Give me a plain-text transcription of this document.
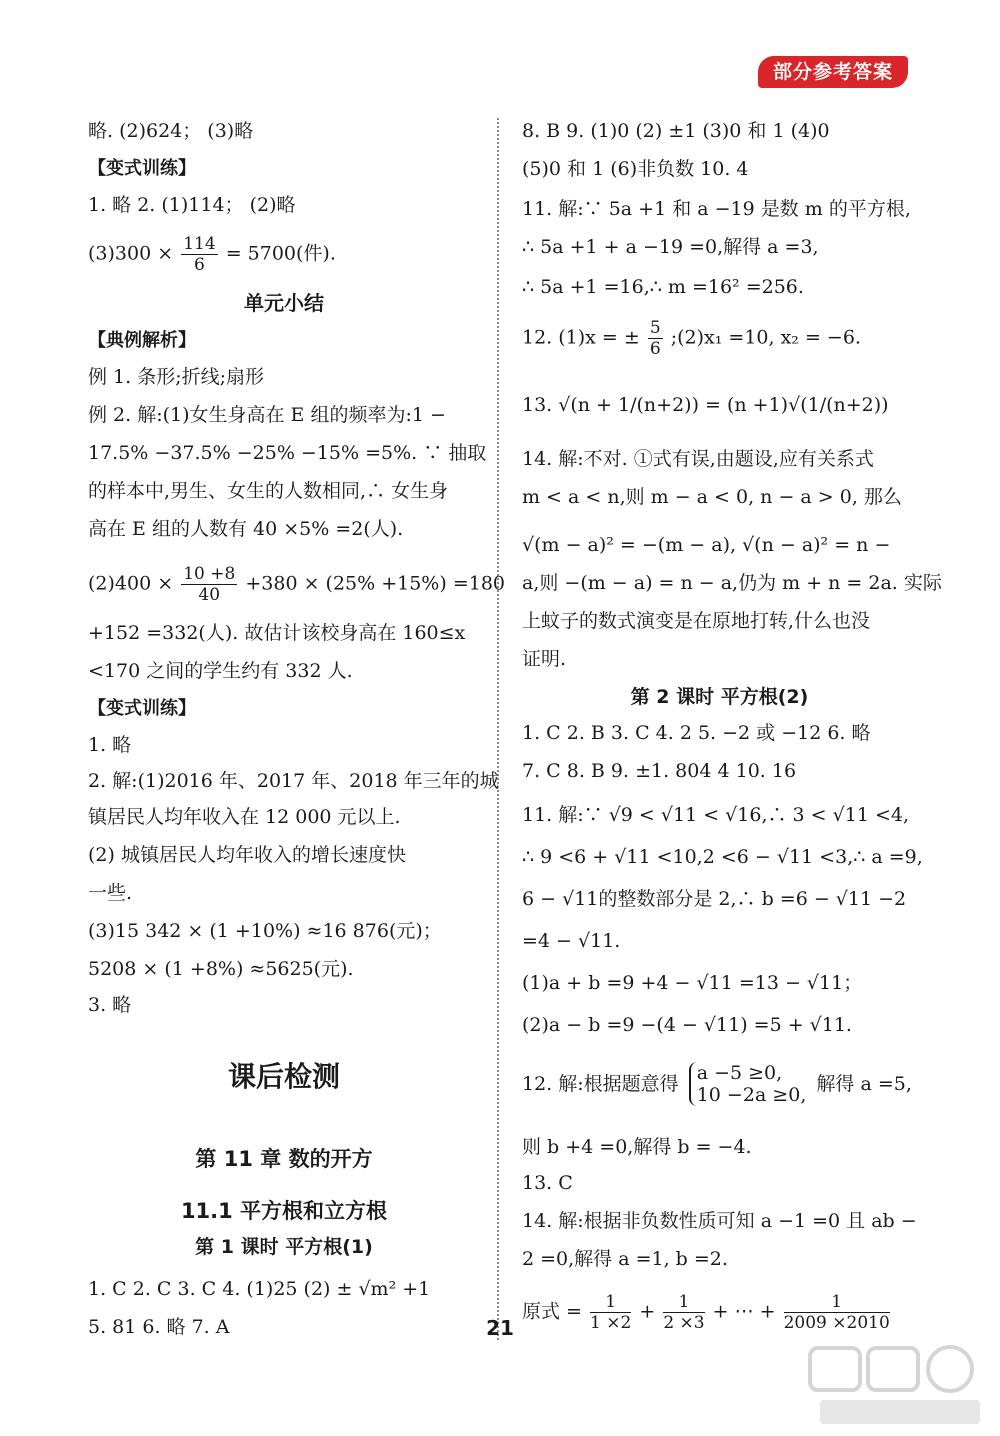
部分参考答案
略. (2)624； (3)略
【变式训练】
1. 略 2. (1)114； (2)略
$(3)300 \times \frac{114}{6} = 5700$(件).
单元小结
【典例解析】
例 1. 条形;折线;扇形
例 2. 解:(1)女生身高在 E 组的频率为:1 −
17.5% −37.5% −25% −15% =5%. ∵ 抽取
的样本中,男生、女生的人数相同,∴ 女生身
高在 E 组的人数有 40 ×5% =2(人).
$(2)400 \times \frac{10 +8}{40} +380 \times (25\% +15\%) =180$
+152 =332(人). 故估计该校身高在 160≤x
<170 之间的学生约有 332 人.
【变式训练】
1. 略
2. 解:(1)2016 年、2017 年、2018 年三年的城
镇居民人均年收入在 12 000 元以上.
(2) 城镇居民人均年收入的增长速度快
一些.
(3)15 342 × (1 +10%) ≈16 876(元)；
5208 × (1 +8%) ≈5625(元).
3. 略
课后检测
第 11 章 数的开方
11.1 平方根和立方根
第 1 课时 平方根(1)
1. C 2. C 3. C 4. (1)25 (2) ± √m² +1
5. 81 6. 略 7. A
8. B 9. (1)0 (2) ±1 (3)0 和 1 (4)0
(5)0 和 1 (6)非负数 10. 4
11. 解:∵ 5a +1 和 a −19 是数 m 的平方根,
∴ 5a +1 + a −19 =0,解得 a =3,
∴ 5a +1 =16,∴ m =16² =256.
12. (1)x = ± $\frac{5}{6}$ ;(2)x₁ =10, x₂ = −6.
13. √(n + 1/(n+2)) = (n +1)√(1/(n+2))
14. 解:不对. ①式有误,由题设,应有关系式
m < a < n,则 m − a < 0, n − a > 0, 那么
√(m − a)² = −(m − a), √(n − a)² = n −
a,则 −(m − a) = n − a,仍为 m + n = 2a. 实际
上蚊子的数式演变是在原地打转,什么也没
证明.
第 2 课时 平方根(2)
1. C 2. B 3. C 4. 2 5. −2 或 −12 6. 略
7. C 8. B 9. ±1. 804 4 10. 16
11. 解:∵ √9 < √11 < √16,∴ 3 < √11 <4,
∴ 9 <6 + √11 <10,2 <6 − √11 <3,∴ a =9,
6 − √11的整数部分是 2,∴ b =6 − √11 −2
=4 − √11.
(1)a + b =9 +4 − √11 =13 − √11；
(2)a − b =9 −(4 − √11) =5 + √11.
12. 解:根据题意得 a −5 ≥0,
10 −2a ≥0, 解得 a =5,
则 b +4 =0,解得 b = −4.
13. C
14. 解:根据非负数性质可知 a −1 =0 且 ab −
2 =0,解得 a =1, b =2.
原式 = $\frac{1}{1 \times 2} + \frac{1}{2 \times 3}$ + ⋯ + $\frac{1}{2009 \times 2010}$
21
